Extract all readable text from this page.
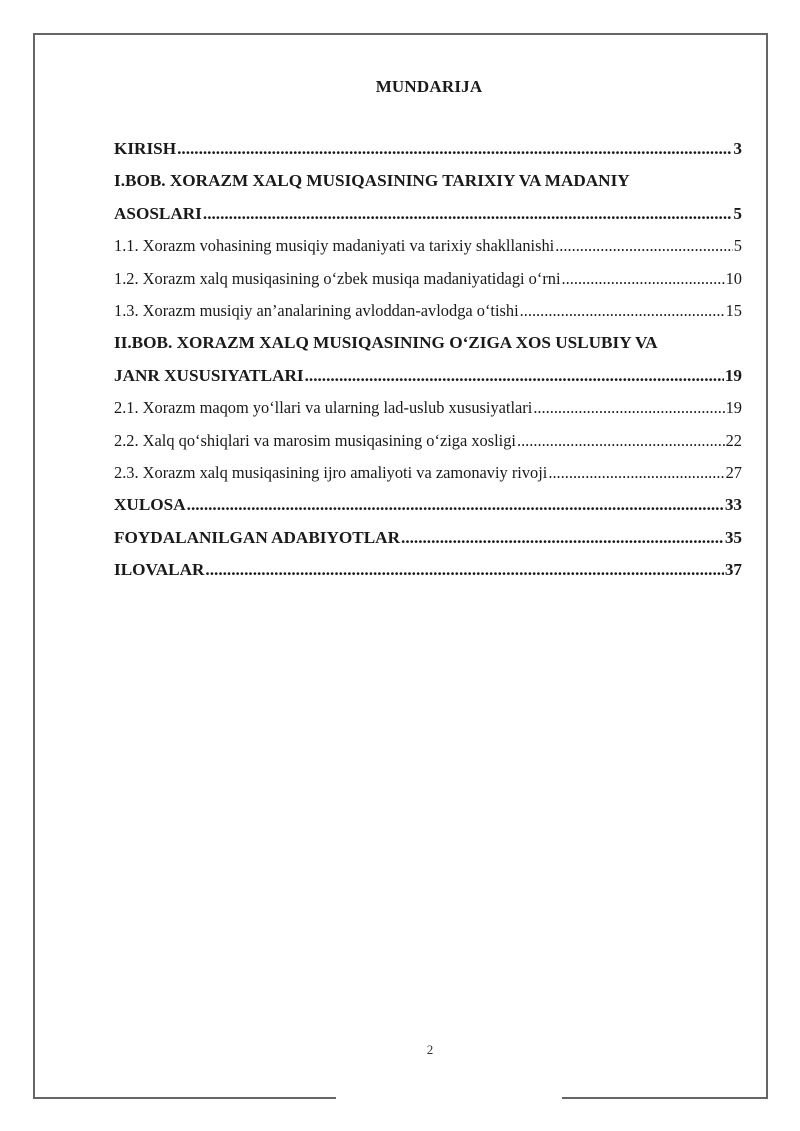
MUNDARIJA
KIRISH .....	3
I.BOB. XORAZM XALQ MUSIQASINING TARIXIY VA MADANIY
ASOSLARI .....	5
1.1. Xorazm vohasining musiqiy madaniyati va tarixiy shakllanishi .....	5
1.2. Xorazm xalq musiqasining o‘zbek musiqa madaniyatidagi o‘rni .....	10
1.3. Xorazm musiqiy an’analarining avloddan-avlodga o‘tishi .....	15
II.BOB. XORAZM XALQ MUSIQASINING O‘ZIGA XOS USLUBIY VA
JANR XUSUSIYATLARI .....	19
2.1. Xorazm maqom yo‘llari va ularning lad-uslub xususiyatlari .....	19
2.2. Xalq qo‘shiqlari va marosim musiqasining o‘ziga xosligi .....	22
2.3. Xorazm xalq musiqasining ijro amaliyoti va zamonaviy rivoji .....	27
XULOSA .....	33
FOYDALANILGAN ADABIYOTLAR .....	35
ILOVALAR .....	37
2
